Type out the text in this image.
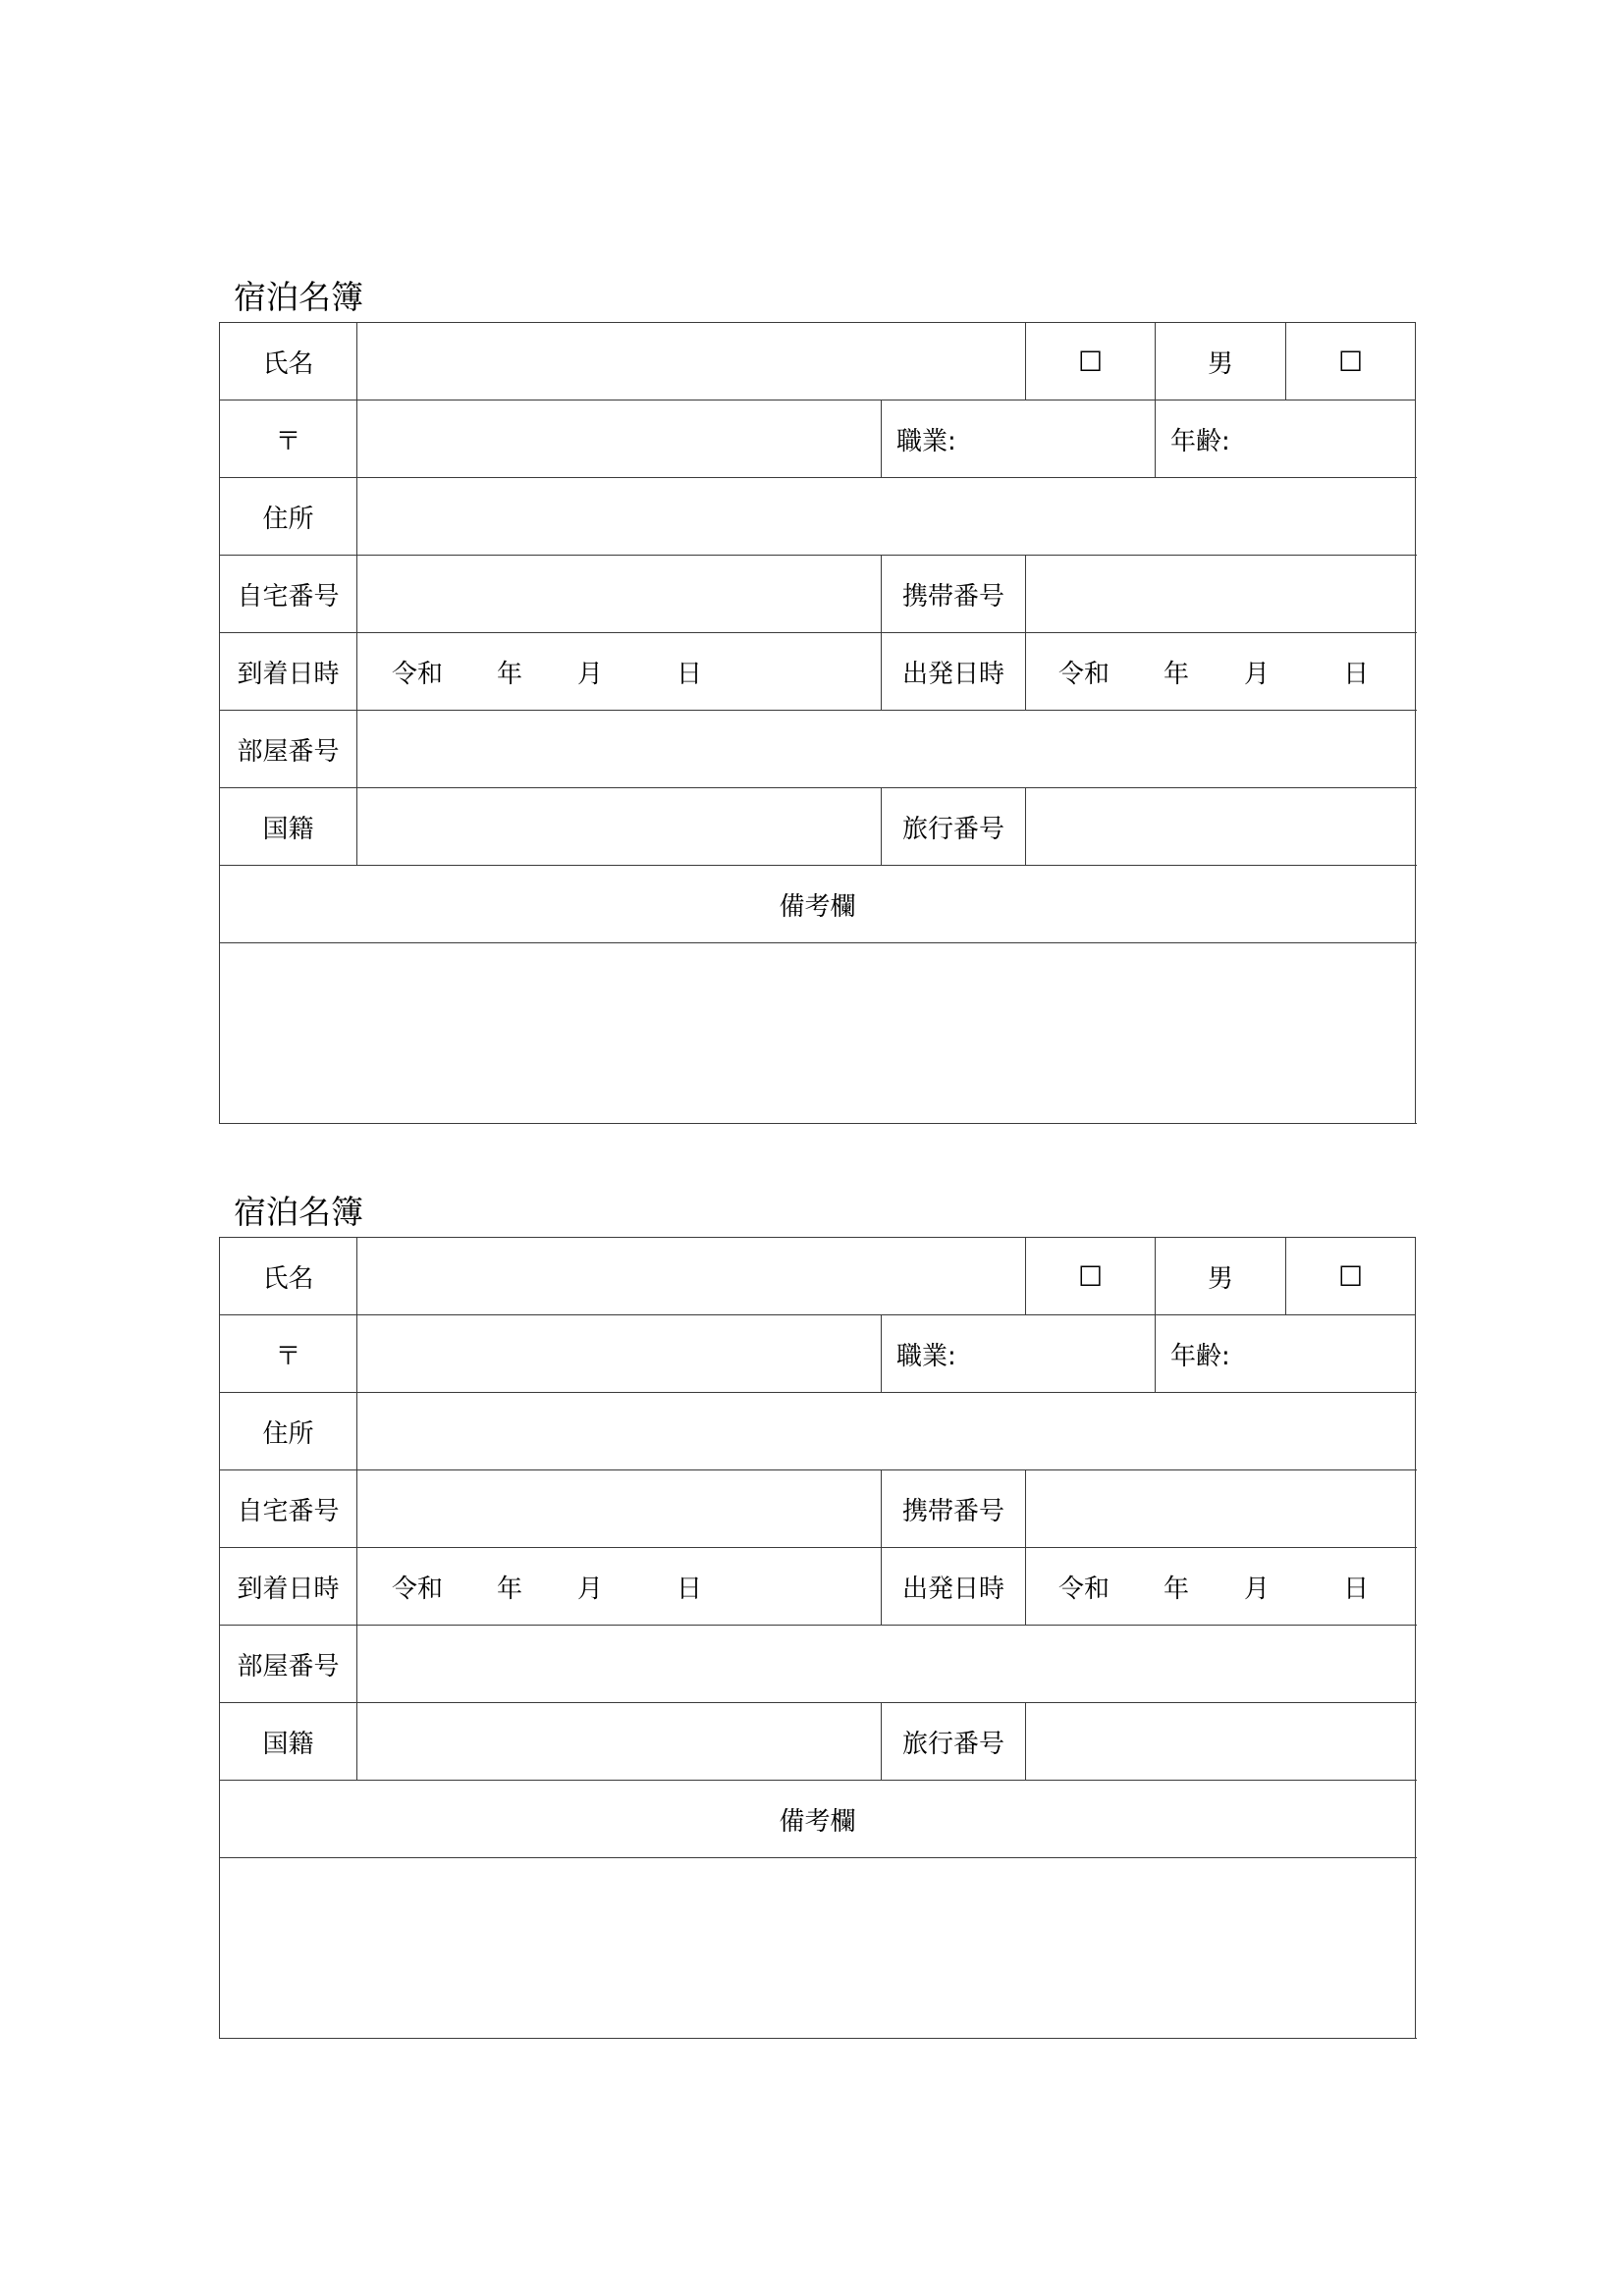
宿泊名簿
氏名			☐	男	☐	
〒		職業:		年齢:		
住所						
自宅番号		携帯番号				
到着日時	令和 年 月 日	出発日時	令和 年 月 日			
部屋番号						
国籍		旅行番号				
備考欄						

宿泊名簿
氏名			☐	男	☐	
〒		職業:		年齢:		
住所						
自宅番号		携帯番号				
到着日時	令和 年 月 日	出発日時	令和 年 月 日			
部屋番号						
国籍		旅行番号				
備考欄						
